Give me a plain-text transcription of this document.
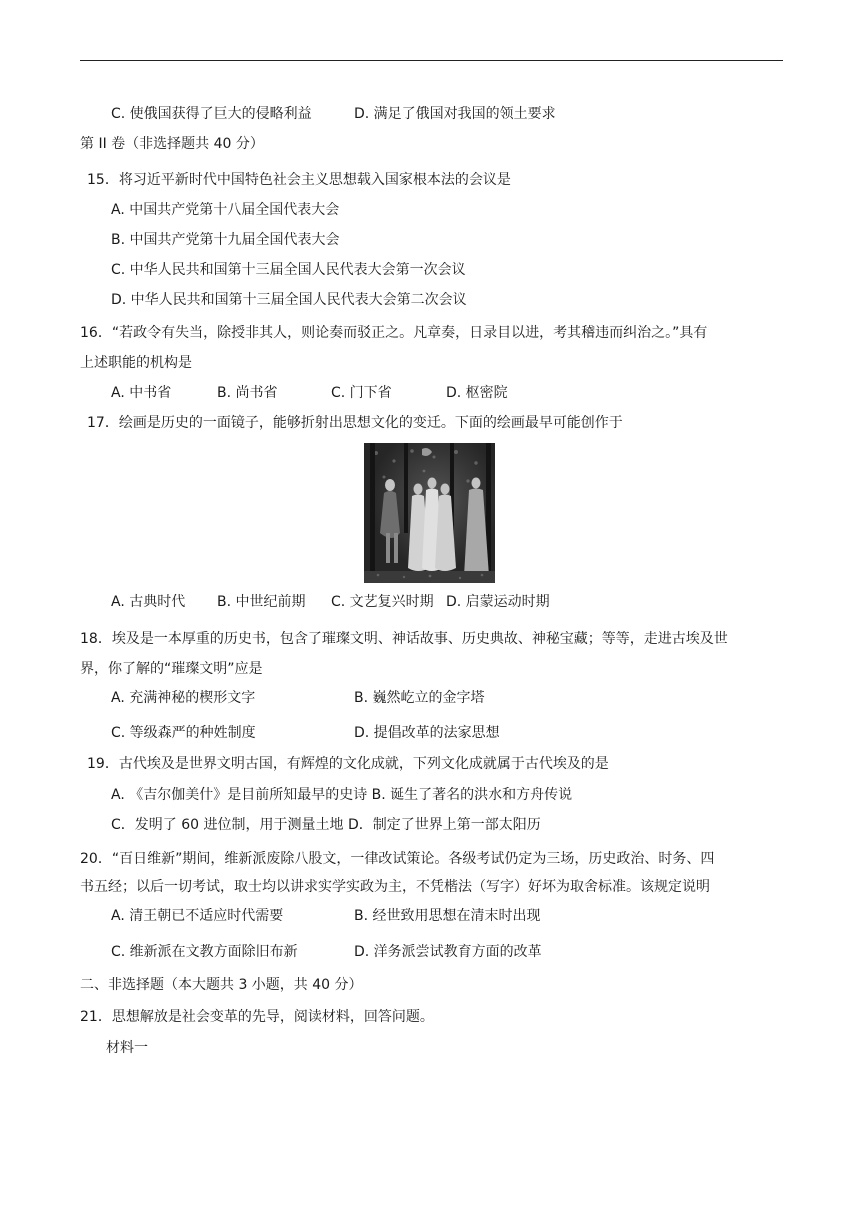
C. 使俄国获得了巨大的侵略利益	D. 满足了俄国对我国的领土要求
第 II 卷（非选择题共 40 分）
15．将习近平新时代中国特色社会主义思想载入国家根本法的会议是
A. 中国共产党第十八届全国代表大会
B. 中国共产党第十九届全国代表大会
C. 中华人民共和国第十三届全国人民代表大会第一次会议
D. 中华人民共和国第十三届全国人民代表大会第二次会议
16．“若政令有失当，除授非其人，则论奏而驳正之。凡章奏，日录目以进，考其稽违而纠治之。”具有
上述职能的机构是
A. 中书省	B. 尚书省	C. 门下省	D. 枢密院
17．绘画是历史的一面镜子，能够折射出思想文化的变迁。下面的绘画最早可能创作于
A. 古典时代 B. 中世纪前期 C. 文艺复兴时期 D. 启蒙运动时期
18．埃及是一本厚重的历史书，包含了璀璨文明、神话故事、历史典故、神秘宝藏；等等，走进古埃及世
界，你了解的“璀璨文明”应是
A. 充满神秘的楔形文字	B. 巍然屹立的金字塔
C. 等级森严的种姓制度	D. 提倡改革的法家思想
19．古代埃及是世界文明古国，有辉煌的文化成就，下列文化成就属于古代埃及的是
A. 《吉尔伽美什》是目前所知最早的史诗 B. 诞生了著名的洪水和方舟传说
C．发明了 60 进位制，用于测量土地 D．制定了世界上第一部太阳历
20．“百日维新”期间，维新派废除八股文，一律改试策论。各级考试仍定为三场，历史政治、时务、四
书五经；以后一切考试，取士均以讲求实学实政为主，不凭楷法（写字）好坏为取舍标准。该规定说明
A. 清王朝已不适应时代需要	B. 经世致用思想在清末时出现
C. 维新派在文教方面除旧布新	D. 洋务派尝试教育方面的改革
二、非选择题（本大题共 3 小题，共 40 分）
21．思想解放是社会变革的先导，阅读材料，回答问题。
材料一
